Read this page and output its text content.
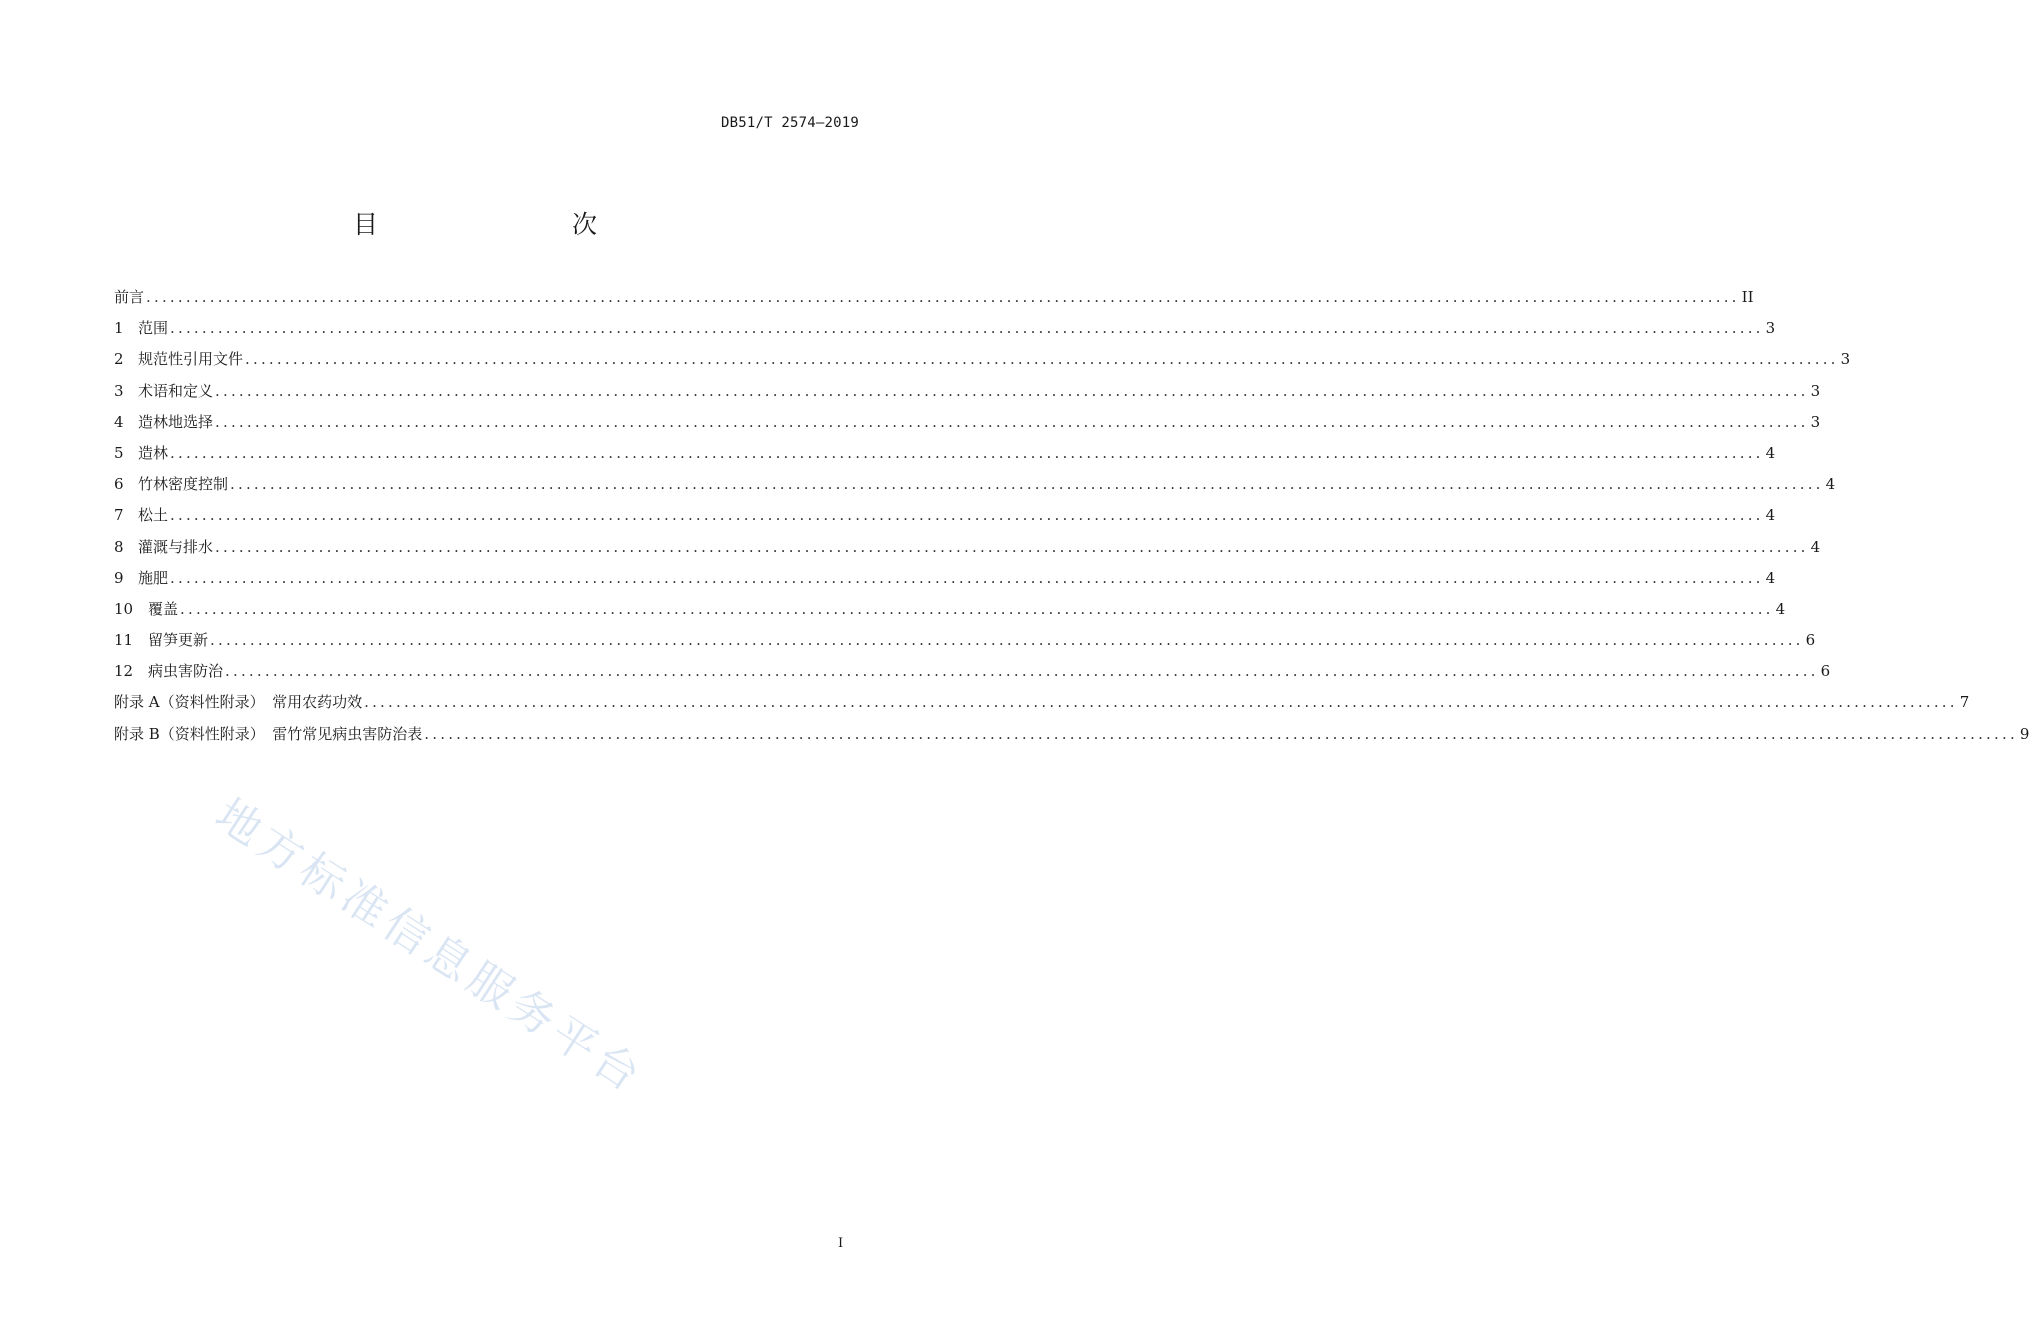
DB51/T 2574—2019
目　　次
前言 ........................................................................................................................................................................................................ II
1 范围 ........................................................................................................................................................................................................ 3
2 规范性引用文件 ........................................................................................................................................................................................................ 3
3 术语和定义 ........................................................................................................................................................................................................ 3
4 造林地选择 ........................................................................................................................................................................................................ 3
5 造林 ........................................................................................................................................................................................................ 4
6 竹林密度控制 ........................................................................................................................................................................................................ 4
7 松土 ........................................................................................................................................................................................................ 4
8 灌溉与排水 ........................................................................................................................................................................................................ 4
9 施肥 ........................................................................................................................................................................................................ 4
10 覆盖 ........................................................................................................................................................................................................ 4
11 留笋更新 ........................................................................................................................................................................................................ 6
12 病虫害防治 ........................................................................................................................................................................................................ 6
附录 A（资料性附录）　常用农药功效 ........................................................................................................................................................................................................ 7
附录 B（资料性附录）　雷竹常见病虫害防治表 ........................................................................................................................................................................................................ 9
地方标准信息服务平台
I
